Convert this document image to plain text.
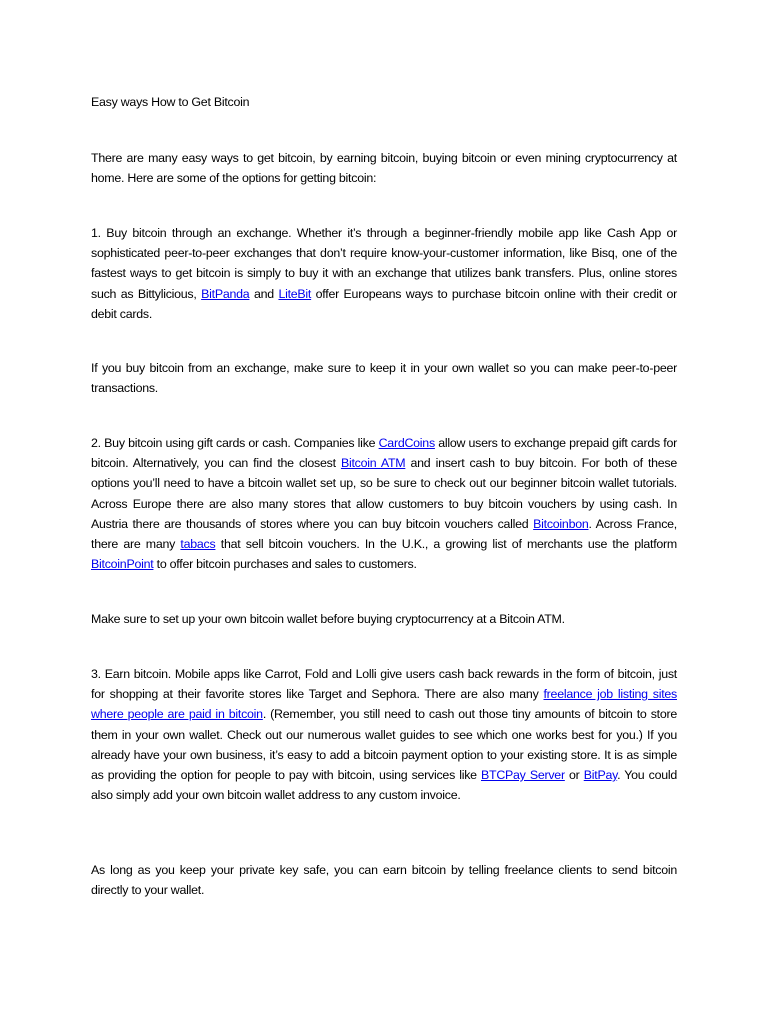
Easy ways How to Get Bitcoin

There are many easy ways to get bitcoin, by earning bitcoin, buying bitcoin or even mining cryptocurrency at home. Here are some of the options for getting bitcoin:

1. Buy bitcoin through an exchange. Whether it’s through a beginner-friendly mobile app like Cash App or sophisticated peer-to-peer exchanges that don’t require know-your-customer information, like Bisq, one of the fastest ways to get bitcoin is simply to buy it with an exchange that utilizes bank transfers. Plus, online stores such as Bittylicious, BitPanda and LiteBit offer Europeans ways to purchase bitcoin online with their credit or debit cards.

If you buy bitcoin from an exchange, make sure to keep it in your own wallet so you can make peer-to-peer transactions.

2. Buy bitcoin using gift cards or cash. Companies like CardCoins allow users to exchange prepaid gift cards for bitcoin. Alternatively, you can find the closest Bitcoin ATM and insert cash to buy bitcoin. For both of these options you’ll need to have a bitcoin wallet set up, so be sure to check out our beginner bitcoin wallet tutorials. Across Europe there are also many stores that allow customers to buy bitcoin vouchers by using cash. In Austria there are thousands of stores where you can buy bitcoin vouchers called Bitcoinbon. Across France, there are many tabacs that sell bitcoin vouchers. In the U.K., a growing list of merchants use the platform BitcoinPoint to offer bitcoin purchases and sales to customers.

Make sure to set up your own bitcoin wallet before buying cryptocurrency at a Bitcoin ATM.

3. Earn bitcoin. Mobile apps like Carrot, Fold and Lolli give users cash back rewards in the form of bitcoin, just for shopping at their favorite stores like Target and Sephora. There are also many freelance job listing sites where people are paid in bitcoin. (Remember, you still need to cash out those tiny amounts of bitcoin to store them in your own wallet. Check out our numerous wallet guides to see which one works best for you.) If you already have your own business, it’s easy to add a bitcoin payment option to your existing store. It is as simple as providing the option for people to pay with bitcoin, using services like BTCPay Server or BitPay. You could also simply add your own bitcoin wallet address to any custom invoice.

As long as you keep your private key safe, you can earn bitcoin by telling freelance clients to send bitcoin directly to your wallet.
